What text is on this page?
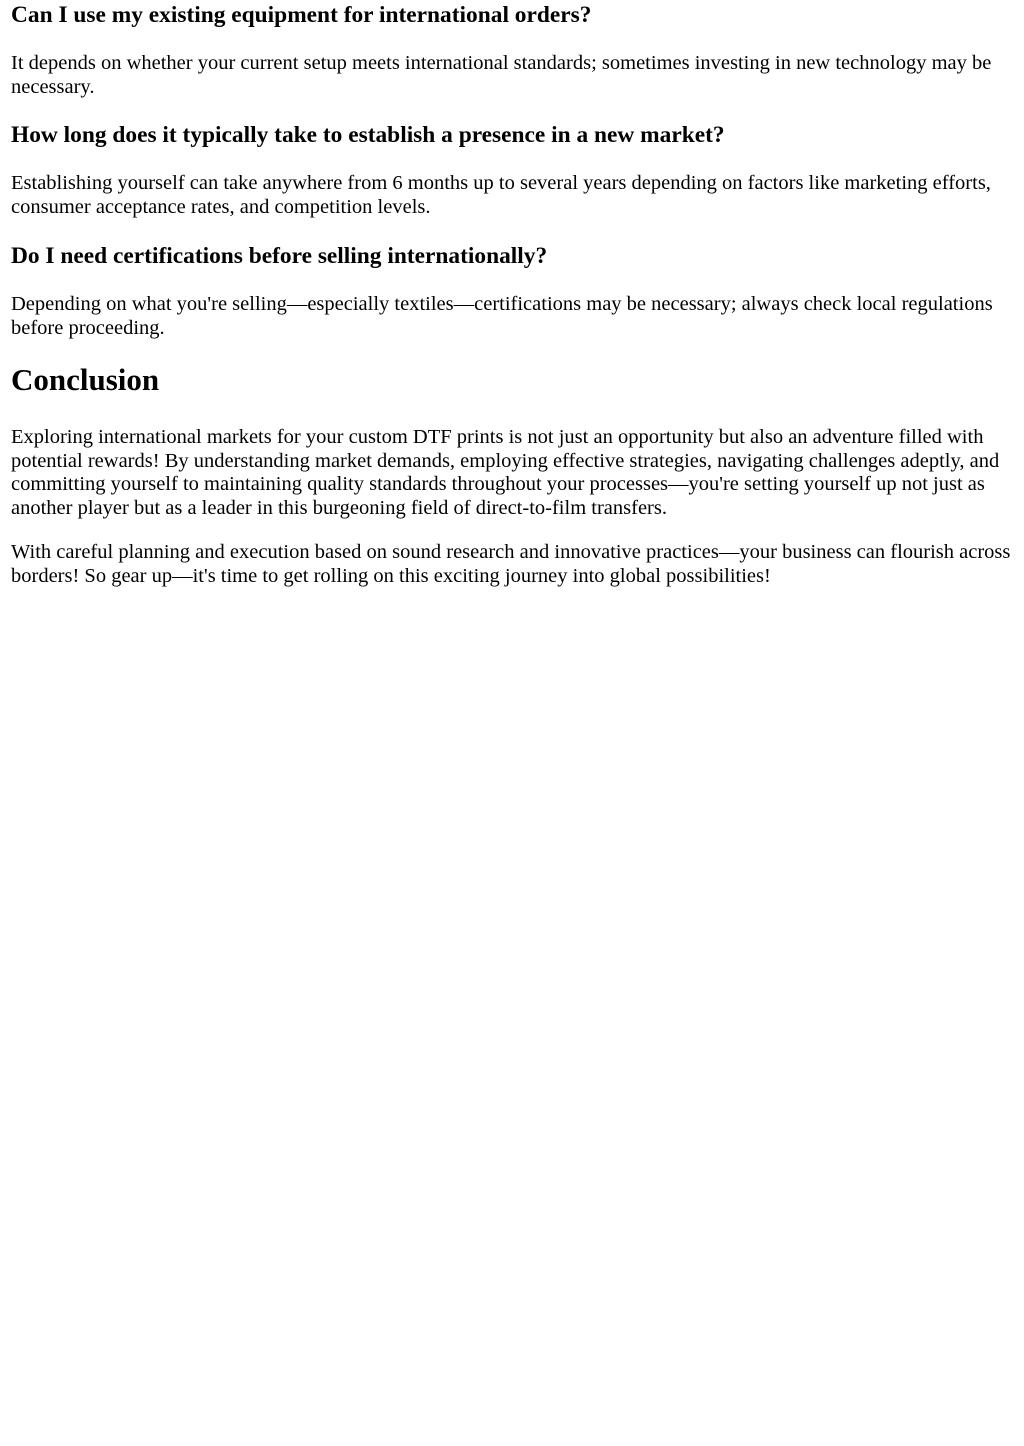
Can I use my existing equipment for international orders?

It depends on whether your current setup meets international standards; sometimes investing in new technology may be necessary.

How long does it typically take to establish a presence in a new market?

Establishing yourself can take anywhere from 6 months up to several years depending on factors like marketing efforts, consumer acceptance rates, and competition levels.

Do I need certifications before selling internationally?

Depending on what you're selling—especially textiles—certifications may be necessary; always check local regulations before proceeding.

Conclusion

Exploring international markets for your custom DTF prints is not just an opportunity but also an adventure filled with potential rewards! By understanding market demands, employing effective strategies, navigating challenges adeptly, and committing yourself to maintaining quality standards throughout your processes—you're setting yourself up not just as another player but as a leader in this burgeoning field of direct-to-film transfers.

With careful planning and execution based on sound research and innovative practices—your business can flourish across borders! So gear up—it's time to get rolling on this exciting journey into global possibilities!
